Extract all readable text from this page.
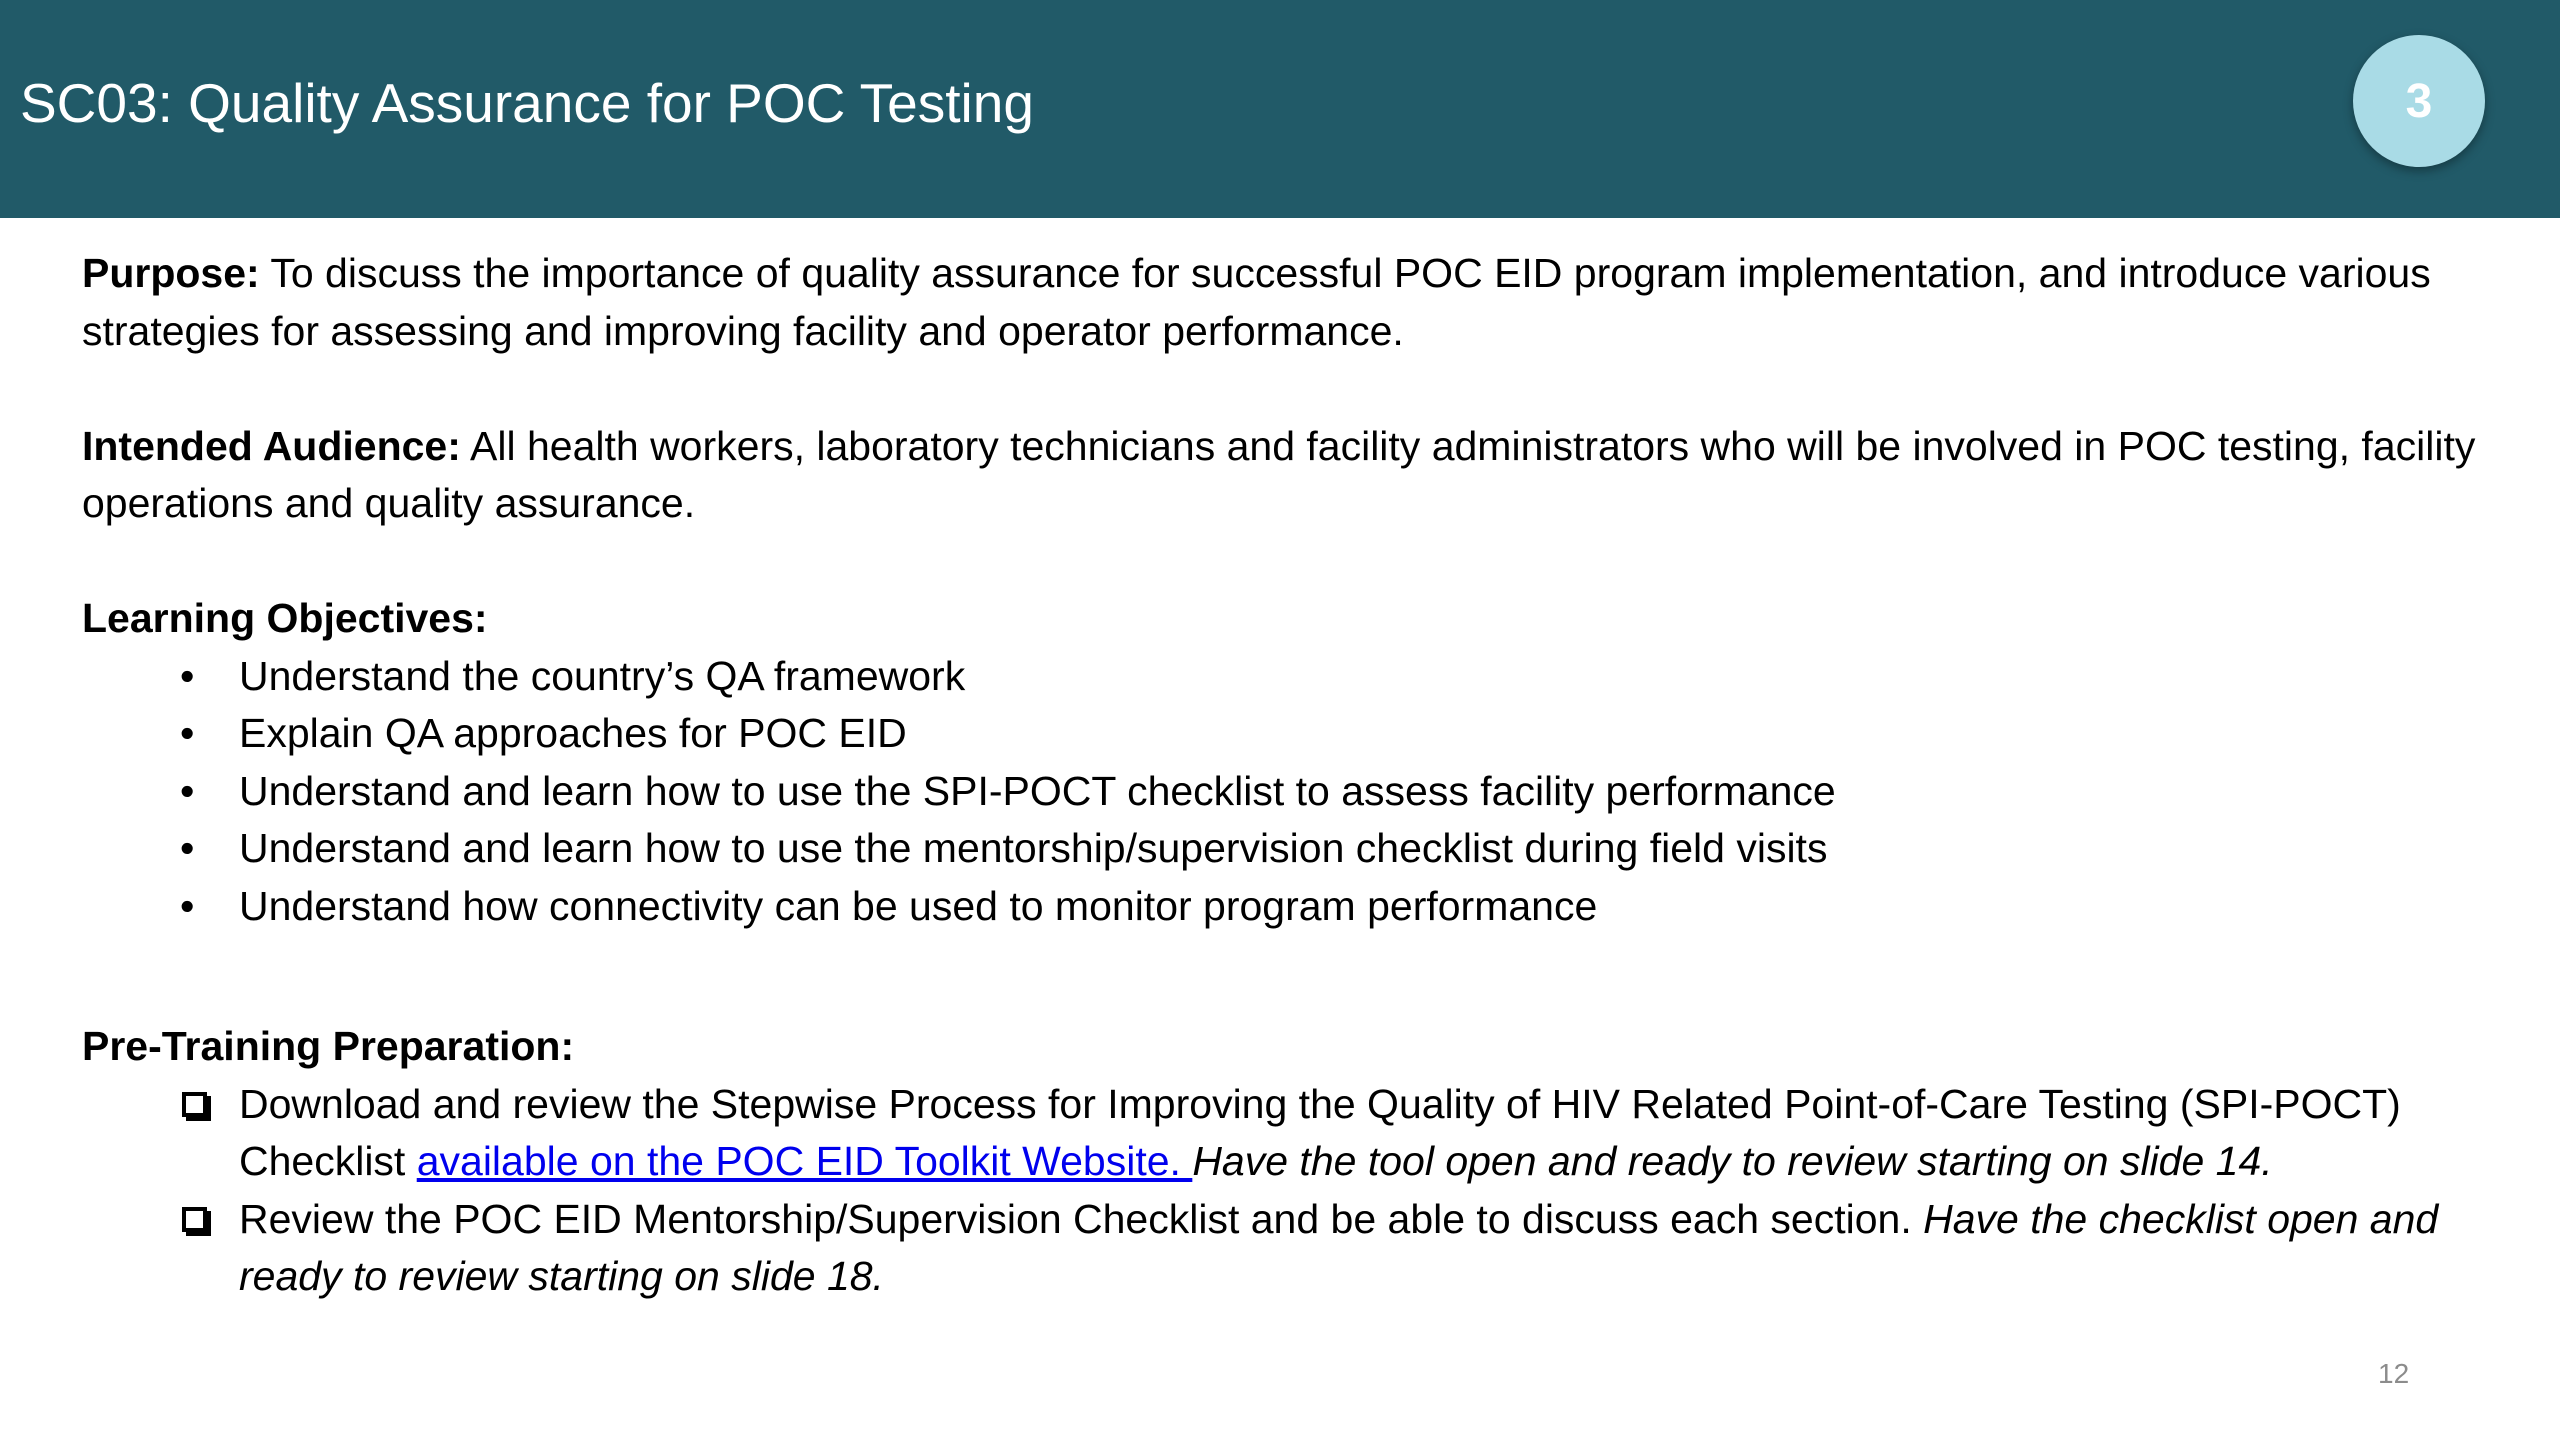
SC03: Quality Assurance for POC Testing	3

Purpose: To discuss the importance of quality assurance for successful POC EID program implementation, and introduce various strategies for assessing and improving facility and operator performance.

Intended Audience: All health workers, laboratory technicians and facility administrators who will be involved in POC testing, facility operations and quality assurance.

Learning Objectives:

• Understand the country’s QA framework
• Explain QA approaches for POC EID
• Understand and learn how to use the SPI-POCT checklist to assess facility performance
• Understand and learn how to use the mentorship/supervision checklist during field visits
• Understand how connectivity can be used to monitor program performance

Pre-Training Preparation:

Download and review the Stepwise Process for Improving the Quality of HIV Related Point-of-Care Testing (SPI-POCT) Checklist available on the POC EID Toolkit Website. Have the tool open and ready to review starting on slide 14.
Review the POC EID Mentorship/Supervision Checklist and be able to discuss each section. Have the checklist open and ready to review starting on slide 18.
12
